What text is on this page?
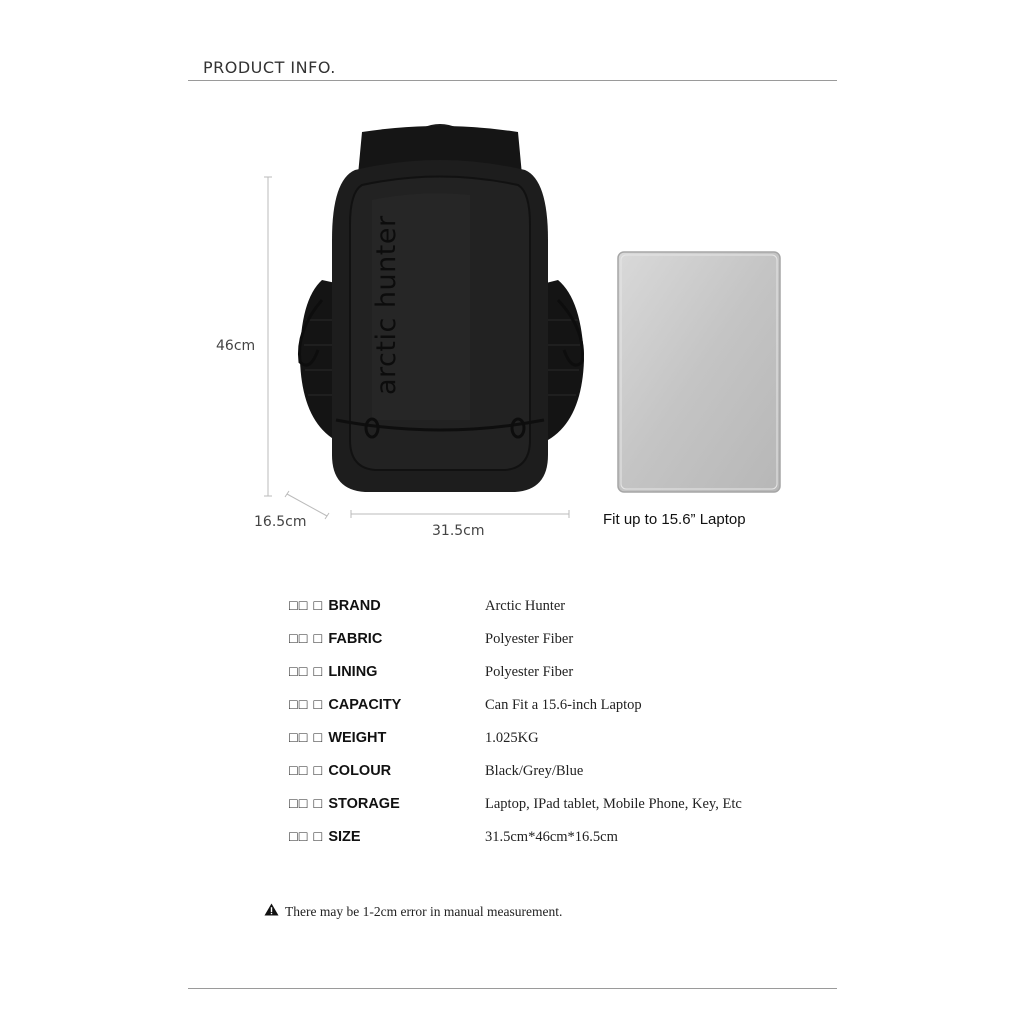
PRODUCT INFO.
arctic hunter
46cm
16.5cm
31.5cm
Fit up to 15.6” Laptop
□□ □ BRAND	Arctic Hunter
□□ □ FABRIC	Polyester Fiber
□□ □ LINING	Polyester Fiber
□□ □ CAPACITY	Can Fit a 15.6-inch Laptop
□□ □ WEIGHT	1.025KG
□□ □ COLOUR	Black/Grey/Blue
□□ □ STORAGE	Laptop, IPad tablet, Mobile Phone, Key, Etc
□□ □ SIZE	31.5cm*46cm*16.5cm
There may be 1-2cm error in manual measurement.
